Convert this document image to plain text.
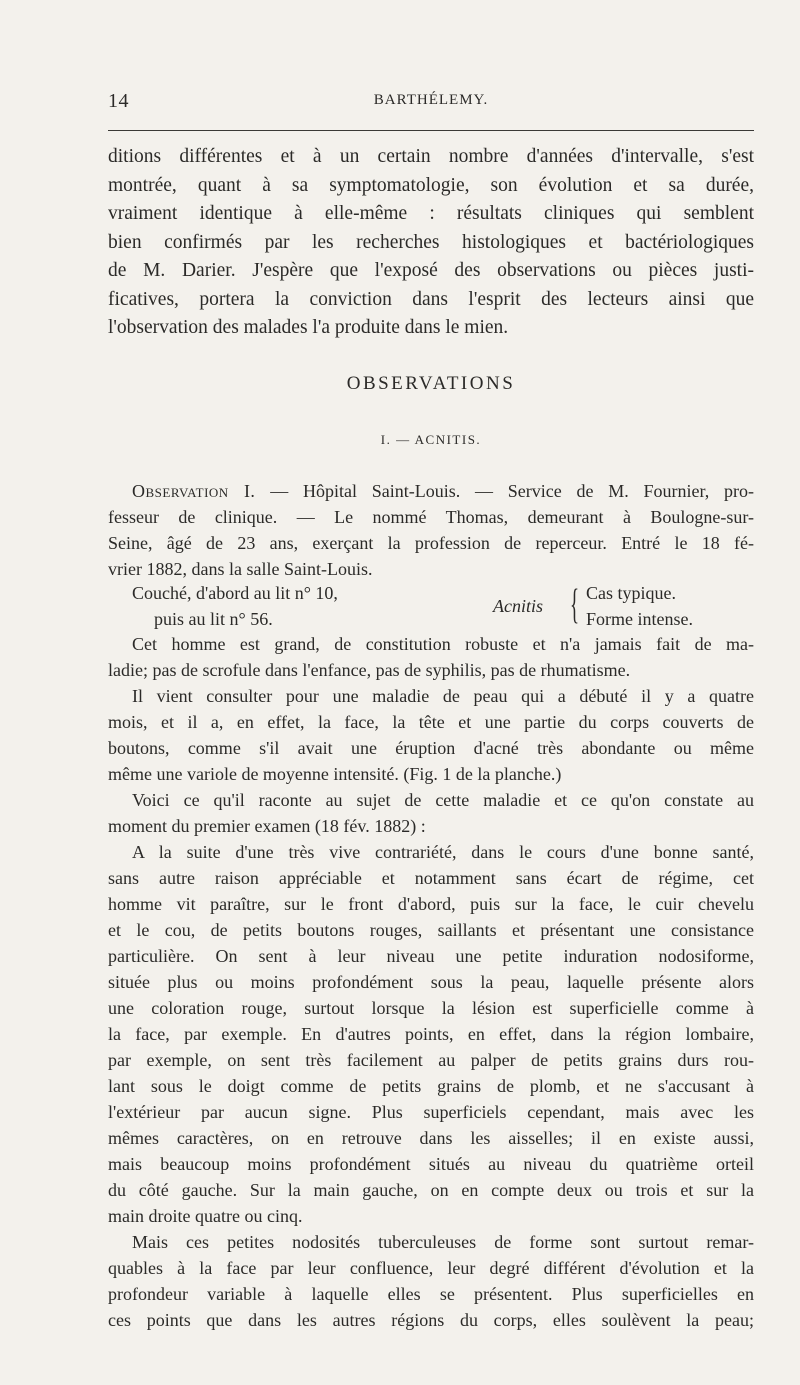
14	BARTHÉLEMY.
ditions différentes et à un certain nombre d'années d'intervalle, s'est
montrée, quant à sa symptomatologie, son évolution et sa durée,
vraiment identique à elle-même : résultats cliniques qui semblent
bien confirmés par les recherches histologiques et bactériologiques
de M. Darier. J'espère que l'exposé des observations ou pièces justi-
ficatives, portera la conviction dans l'esprit des lecteurs ainsi que
l'observation des malades l'a produite dans le mien.
OBSERVATIONS
I. — ACNITIS.
Observation I. — Hôpital Saint-Louis. — Service de M. Fournier, pro-
fesseur de clinique. — Le nommé Thomas, demeurant à Boulogne-sur-
Seine, âgé de 23 ans, exerçant la profession de reperceur. Entré le 18 fé-
vrier 1882, dans la salle Saint-Louis.
Couché, d'abord au lit n° 10,
puis au lit n° 56.
Acnitis { Cas typique.
Forme intense.
Cet homme est grand, de constitution robuste et n'a jamais fait de ma-
ladie; pas de scrofule dans l'enfance, pas de syphilis, pas de rhumatisme.
Il vient consulter pour une maladie de peau qui a débuté il y a quatre
mois, et il a, en effet, la face, la tête et une partie du corps couverts de
boutons, comme s'il avait une éruption d'acné très abondante ou même
même une variole de moyenne intensité. (Fig. 1 de la planche.)
Voici ce qu'il raconte au sujet de cette maladie et ce qu'on constate au
moment du premier examen (18 fév. 1882) :
A la suite d'une très vive contrariété, dans le cours d'une bonne santé,
sans autre raison appréciable et notamment sans écart de régime, cet
homme vit paraître, sur le front d'abord, puis sur la face, le cuir chevelu
et le cou, de petits boutons rouges, saillants et présentant une consistance
particulière. On sent à leur niveau une petite induration nodosiforme,
située plus ou moins profondément sous la peau, laquelle présente alors
une coloration rouge, surtout lorsque la lésion est superficielle comme à
la face, par exemple. En d'autres points, en effet, dans la région lombaire,
par exemple, on sent très facilement au palper de petits grains durs rou-
lant sous le doigt comme de petits grains de plomb, et ne s'accusant à
l'extérieur par aucun signe. Plus superficiels cependant, mais avec les
mêmes caractères, on en retrouve dans les aisselles; il en existe aussi,
mais beaucoup moins profondément situés au niveau du quatrième orteil
du côté gauche. Sur la main gauche, on en compte deux ou trois et sur la
main droite quatre ou cinq.
Mais ces petites nodosités tuberculeuses de forme sont surtout remar-
quables à la face par leur confluence, leur degré différent d'évolution et la
profondeur variable à laquelle elles se présentent. Plus superficielles en
ces points que dans les autres régions du corps, elles soulèvent la peau;
